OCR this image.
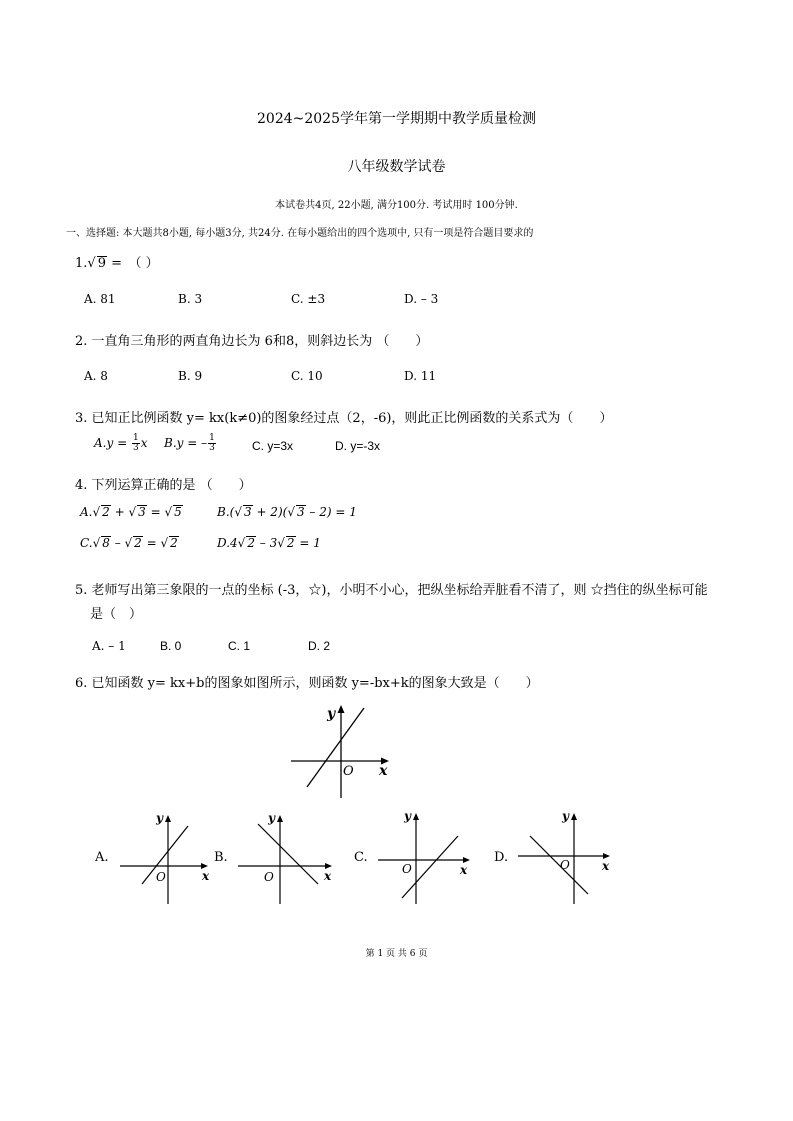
2024~2025学年第一学期期中教学质量检测
八年级数学试卷
本试卷共4页, 22小题, 满分100分. 考试用时 100分钟.
一、选择题: 本大题共8小题, 每小题3分, 共24分. 在每小题给出的四个选项中, 只有一项是符合题目要求的
1.√ 9 =　（ ）
A. 81	B. 3	C. ±3	D. – 3
2. 一直角三角形的两直角边长为 6和8，则斜边长为 （　　）
A. 8	B. 9	C. 10	D. 11
3. 已知正比例函数 y= kx(k≠0)的图象经过点（2，-6)，则此正比例函数的关系式为（　　）
$A.y = \frac{1}{3}$ x B.y = – $\frac{1}{3}$	C. y=3x	D. y=-3x
4. 下列运算正确的是 （　　）
A.√ 2 + √ 3 = √ 5	B.(√ 3 + 2)(√ 3 – 2) = 1
C.√ 8 – √ 2 = √ 2	D.4√ 2 – 3√ 2 = 1
5. 老师写出第三象限的一点的坐标 (-3，☆)，小明不小心，把纵坐标给弄脏看不清了，则 ☆挡住的纵坐标可能
是（　）
A. – 1	B. 0	C. 1	D. 2
6. 已知函数 y= kx+b的图象如图所示，则函数 y=-bx+k的图象大致是（　　）
y
x
O
A.
y
x
O
B.
y
x
O
C.
y
x
O
D.
y
x
O
第 1 页 共 6 页
